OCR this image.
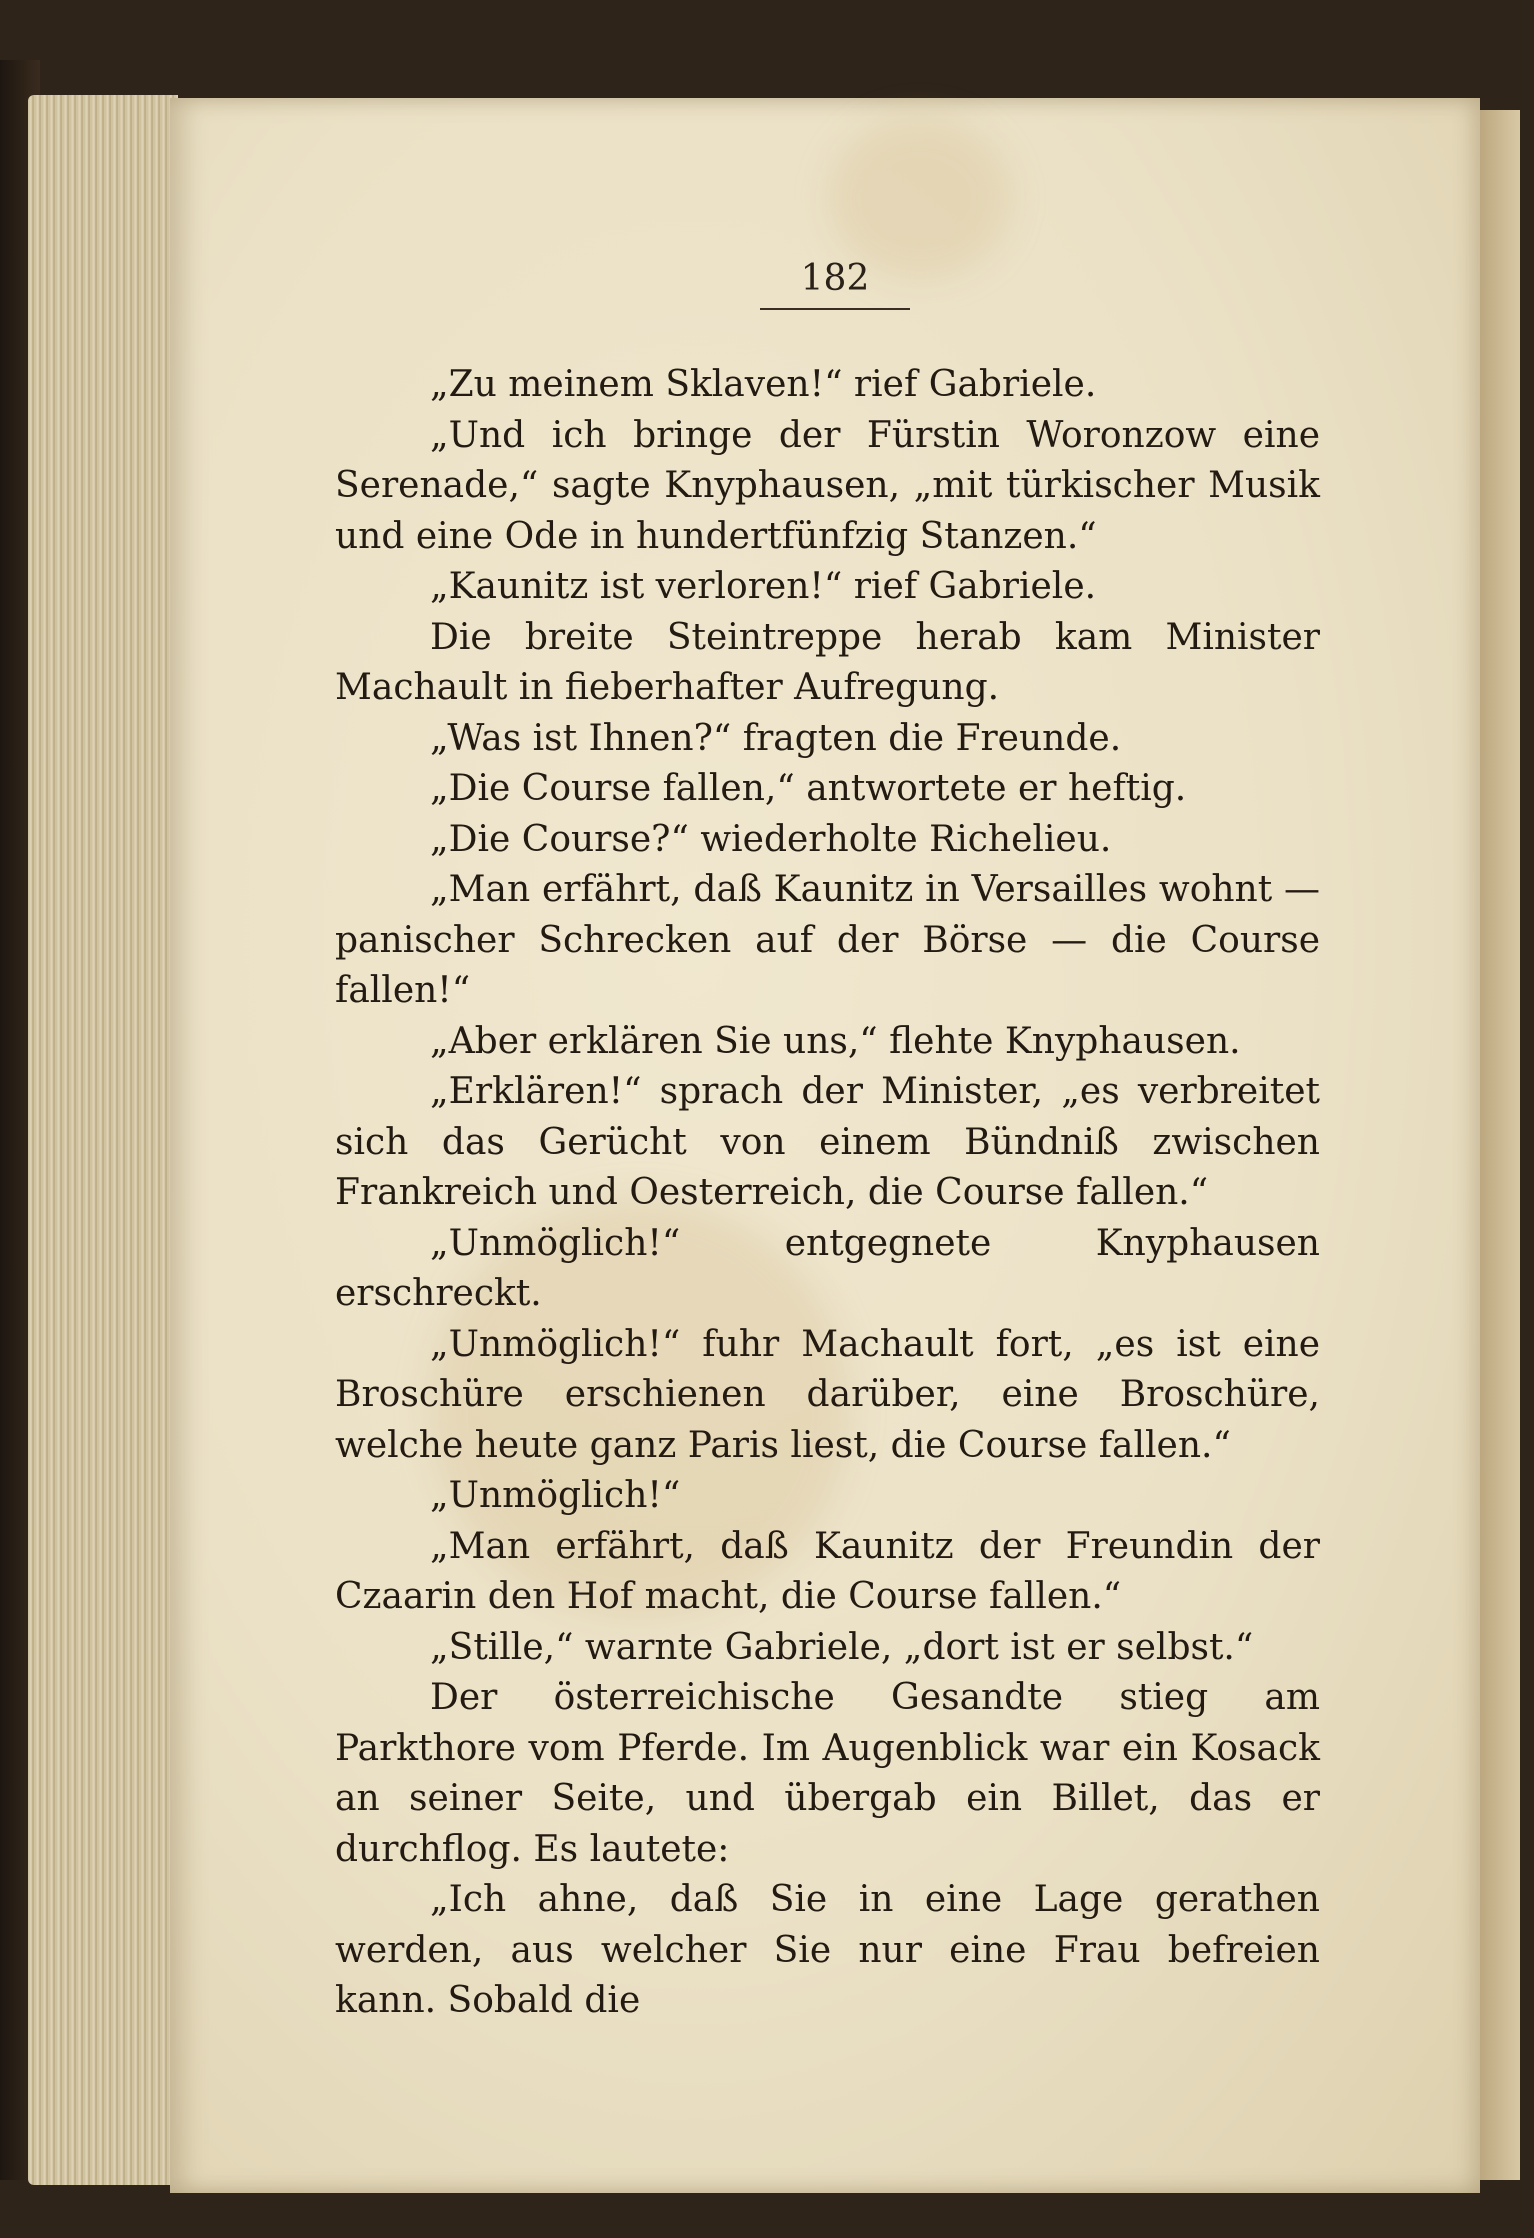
182

„Zu meinem Sklaven!“ rief Gabriele.

„Und ich bringe der Fürstin Woronzow eine Serenade,“ sagte Knyphausen, „mit türkischer Musik und eine Ode in hundertfünfzig Stanzen.“

„Kaunitz ist verloren!“ rief Gabriele.

Die breite Steintreppe herab kam Minister Machault in fieberhafter Aufregung.

„Was ist Ihnen?“ fragten die Freunde.

„Die Course fallen,“ antwortete er heftig.

„Die Course?“ wiederholte Richelieu.

„Man erfährt, daß Kaunitz in Versailles wohnt — panischer Schrecken auf der Börse — die Course fallen!“

„Aber erklären Sie uns,“ flehte Knyphausen.

„Erklären!“ sprach der Minister, „es verbreitet sich das Gerücht von einem Bündniß zwischen Frankreich und Oesterreich, die Course fallen.“

„Unmöglich!“ entgegnete Knyphausen erschreckt.

„Unmöglich!“ fuhr Machault fort, „es ist eine Broschüre erschienen darüber, eine Broschüre, welche heute ganz Paris liest, die Course fallen.“

„Unmöglich!“

„Man erfährt, daß Kaunitz der Freundin der Czaarin den Hof macht, die Course fallen.“

„Stille,“ warnte Gabriele, „dort ist er selbst.“

Der österreichische Gesandte stieg am Parkthore vom Pferde. Im Augenblick war ein Kosack an seiner Seite, und übergab ein Billet, das er durchflog. Es lautete:

„Ich ahne, daß Sie in eine Lage gerathen werden, aus welcher Sie nur eine Frau befreien kann. Sobald die
